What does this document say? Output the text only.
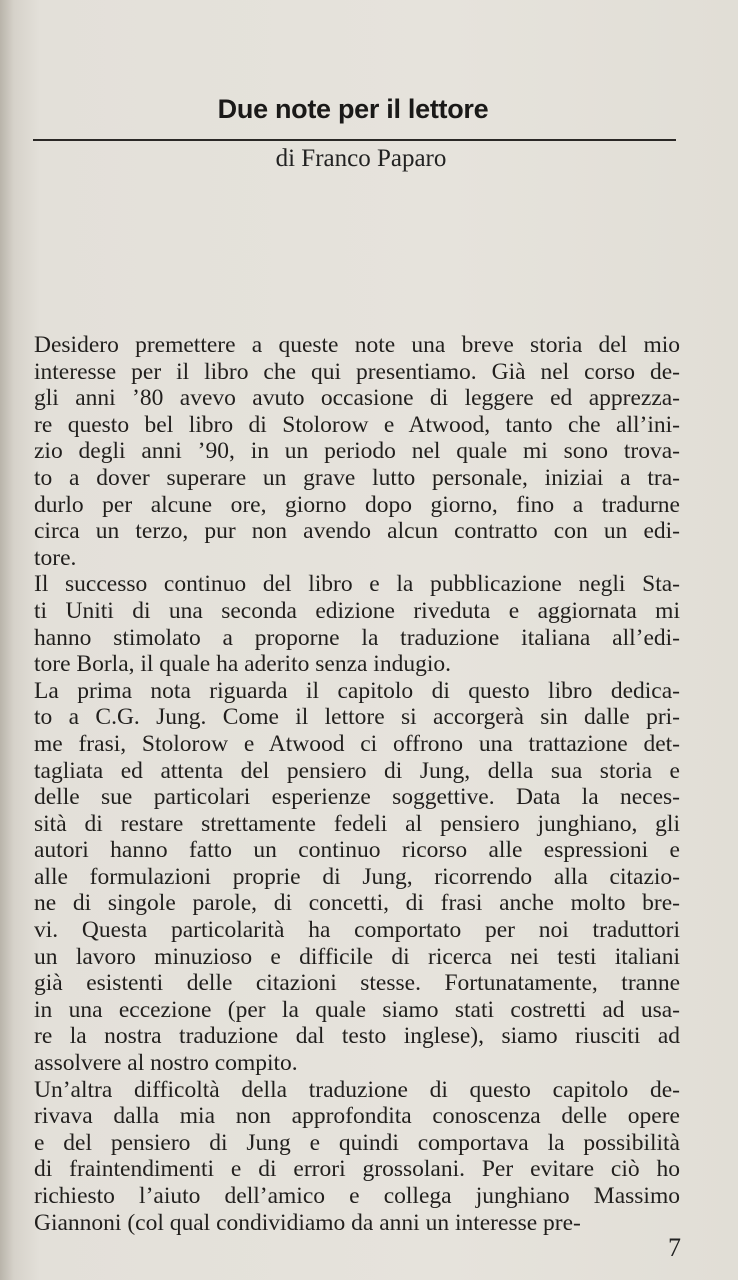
Due note per il lettore
di Franco Paparo
Desidero premettere a queste note una breve storia del mio
interesse per il libro che qui presentiamo. Già nel corso de-
gli anni ’80 avevo avuto occasione di leggere ed apprezza-
re questo bel libro di Stolorow e Atwood, tanto che all’ini-
zio degli anni ’90, in un periodo nel quale mi sono trova-
to a dover superare un grave lutto personale, iniziai a tra-
durlo per alcune ore, giorno dopo giorno, fino a tradurne
circa un terzo, pur non avendo alcun contratto con un edi-
tore.
Il successo continuo del libro e la pubblicazione negli Sta-
ti Uniti di una seconda edizione riveduta e aggiornata mi
hanno stimolato a proporne la traduzione italiana all’edi-
tore Borla, il quale ha aderito senza indugio.
La prima nota riguarda il capitolo di questo libro dedica-
to a C.G. Jung. Come il lettore si accorgerà sin dalle pri-
me frasi, Stolorow e Atwood ci offrono una trattazione det-
tagliata ed attenta del pensiero di Jung, della sua storia e
delle sue particolari esperienze soggettive. Data la neces-
sità di restare strettamente fedeli al pensiero junghiano, gli
autori hanno fatto un continuo ricorso alle espressioni e
alle formulazioni proprie di Jung, ricorrendo alla citazio-
ne di singole parole, di concetti, di frasi anche molto bre-
vi. Questa particolarità ha comportato per noi traduttori
un lavoro minuzioso e difficile di ricerca nei testi italiani
già esistenti delle citazioni stesse. Fortunatamente, tranne
in una eccezione (per la quale siamo stati costretti ad usa-
re la nostra traduzione dal testo inglese), siamo riusciti ad
assolvere al nostro compito.
Un’altra difficoltà della traduzione di questo capitolo de-
rivava dalla mia non approfondita conoscenza delle opere
e del pensiero di Jung e quindi comportava la possibilità
di fraintendimenti e di errori grossolani. Per evitare ciò ho
richiesto l’aiuto dell’amico e collega junghiano Massimo
Giannoni (col qual condividiamo da anni un interesse pre-
7
